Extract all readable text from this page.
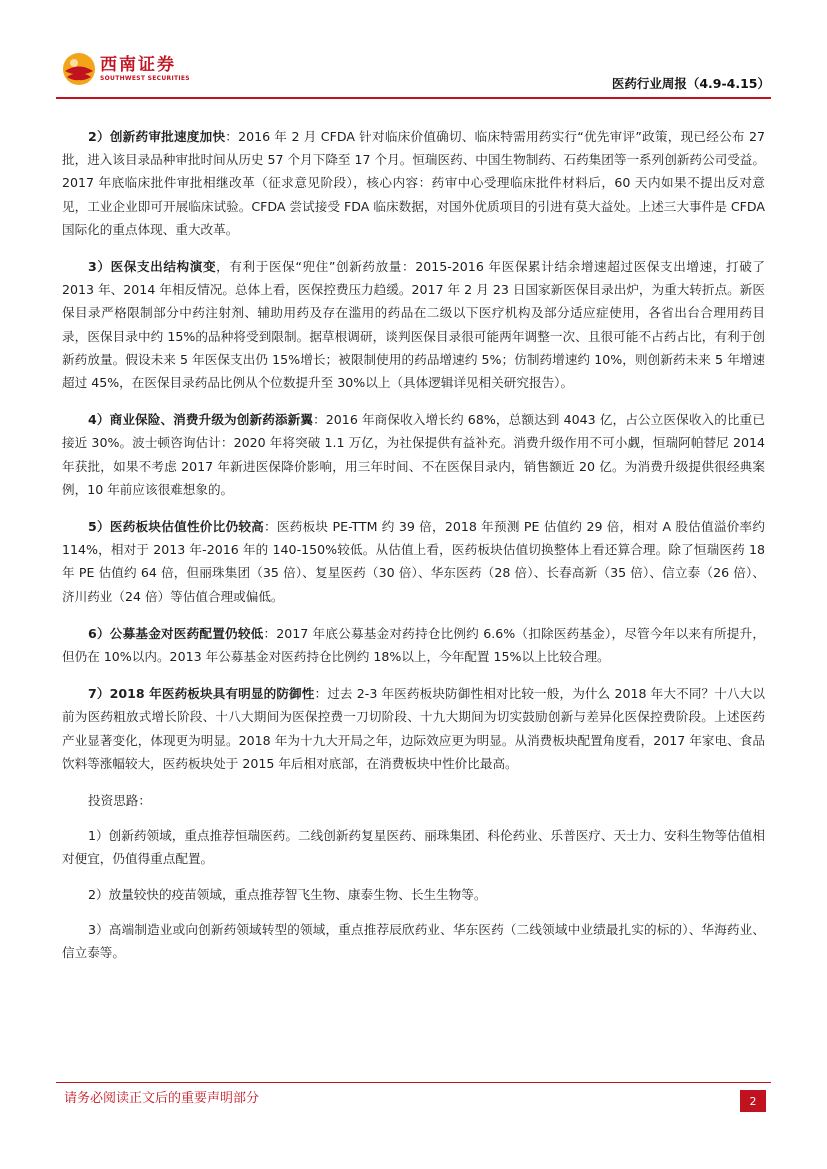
西南证券
SOUTHWEST SECURITIES	医药行业周报（4.9-4.15）

2）创新药审批速度加快：2016 年 2 月 CFDA 针对临床价值确切、临床特需用药实行“优先审评”政策，现已经公布 27 批，进入该目录品种审批时间从历史 57 个月下降至 17 个月。恒瑞医药、中国生物制药、石药集团等一系列创新药公司受益。2017 年底临床批件审批相继改革（征求意见阶段），核心内容：药审中心受理临床批件材料后，60 天内如果不提出反对意见，工业企业即可开展临床试验。CFDA 尝试接受 FDA 临床数据，对国外优质项目的引进有莫大益处。上述三大事件是 CFDA 国际化的重点体现、重大改革。

3）医保支出结构演变，有利于医保“兜住”创新药放量：2015-2016 年医保累计结余增速超过医保支出增速，打破了 2013 年、2014 年相反情况。总体上看，医保控费压力趋缓。2017 年 2 月 23 日国家新医保目录出炉，为重大转折点。新医保目录严格限制部分中药注射剂、辅助用药及存在滥用的药品在二级以下医疗机构及部分适应症使用，各省出台合理用药目录，医保目录中约 15%的品种将受到限制。据草根调研，谈判医保目录很可能两年调整一次、且很可能不占药占比，有利于创新药放量。假设未来 5 年医保支出仍 15%增长；被限制使用的药品增速约 5%；仿制药增速约 10%，则创新药未来 5 年增速超过 45%，在医保目录药品比例从个位数提升至 30%以上（具体逻辑详见相关研究报告）。

4）商业保险、消费升级为创新药添新翼：2016 年商保收入增长约 68%，总额达到 4043 亿，占公立医保收入的比重已接近 30%。波士顿咨询估计：2020 年将突破 1.1 万亿，为社保提供有益补充。消费升级作用不可小觑，恒瑞阿帕替尼 2014 年获批，如果不考虑 2017 年新进医保降价影响，用三年时间、不在医保目录内，销售额近 20 亿。为消费升级提供很经典案例，10 年前应该很难想象的。

5）医药板块估值性价比仍较高：医药板块 PE-TTM 约 39 倍，2018 年预测 PE 估值约 29 倍，相对 A 股估值溢价率约 114%，相对于 2013 年-2016 年的 140-150%较低。从估值上看，医药板块估值切换整体上看还算合理。除了恒瑞医药 18 年 PE 估值约 64 倍，但丽珠集团（35 倍）、复星医药（30 倍）、华东医药（28 倍）、长春高新（35 倍）、信立泰（26 倍）、济川药业（24 倍）等估值合理或偏低。

6）公募基金对医药配置仍较低：2017 年底公募基金对药持仓比例约 6.6%（扣除医药基金），尽管今年以来有所提升，但仍在 10%以内。2013 年公募基金对医药持仓比例约 18%以上，今年配置 15%以上比较合理。

7）2018 年医药板块具有明显的防御性：过去 2-3 年医药板块防御性相对比较一般，为什么 2018 年大不同？十八大以前为医药粗放式增长阶段、十八大期间为医保控费一刀切阶段、十九大期间为切实鼓励创新与差异化医保控费阶段。上述医药产业显著变化，体现更为明显。2018 年为十九大开局之年，边际效应更为明显。从消费板块配置角度看，2017 年家电、食品饮料等涨幅较大，医药板块处于 2015 年后相对底部，在消费板块中性价比最高。

投资思路：

1）创新药领域，重点推荐恒瑞医药。二线创新药复星医药、丽珠集团、科伦药业、乐普医疗、天士力、安科生物等估值相对便宜，仍值得重点配置。

2）放量较快的疫苗领域，重点推荐智飞生物、康泰生物、长生生物等。

3）高端制造业或向创新药领域转型的领域，重点推荐辰欣药业、华东医药（二线领域中业绩最扎实的标的）、华海药业、信立泰等。

请务必阅读正文后的重要声明部分	2
